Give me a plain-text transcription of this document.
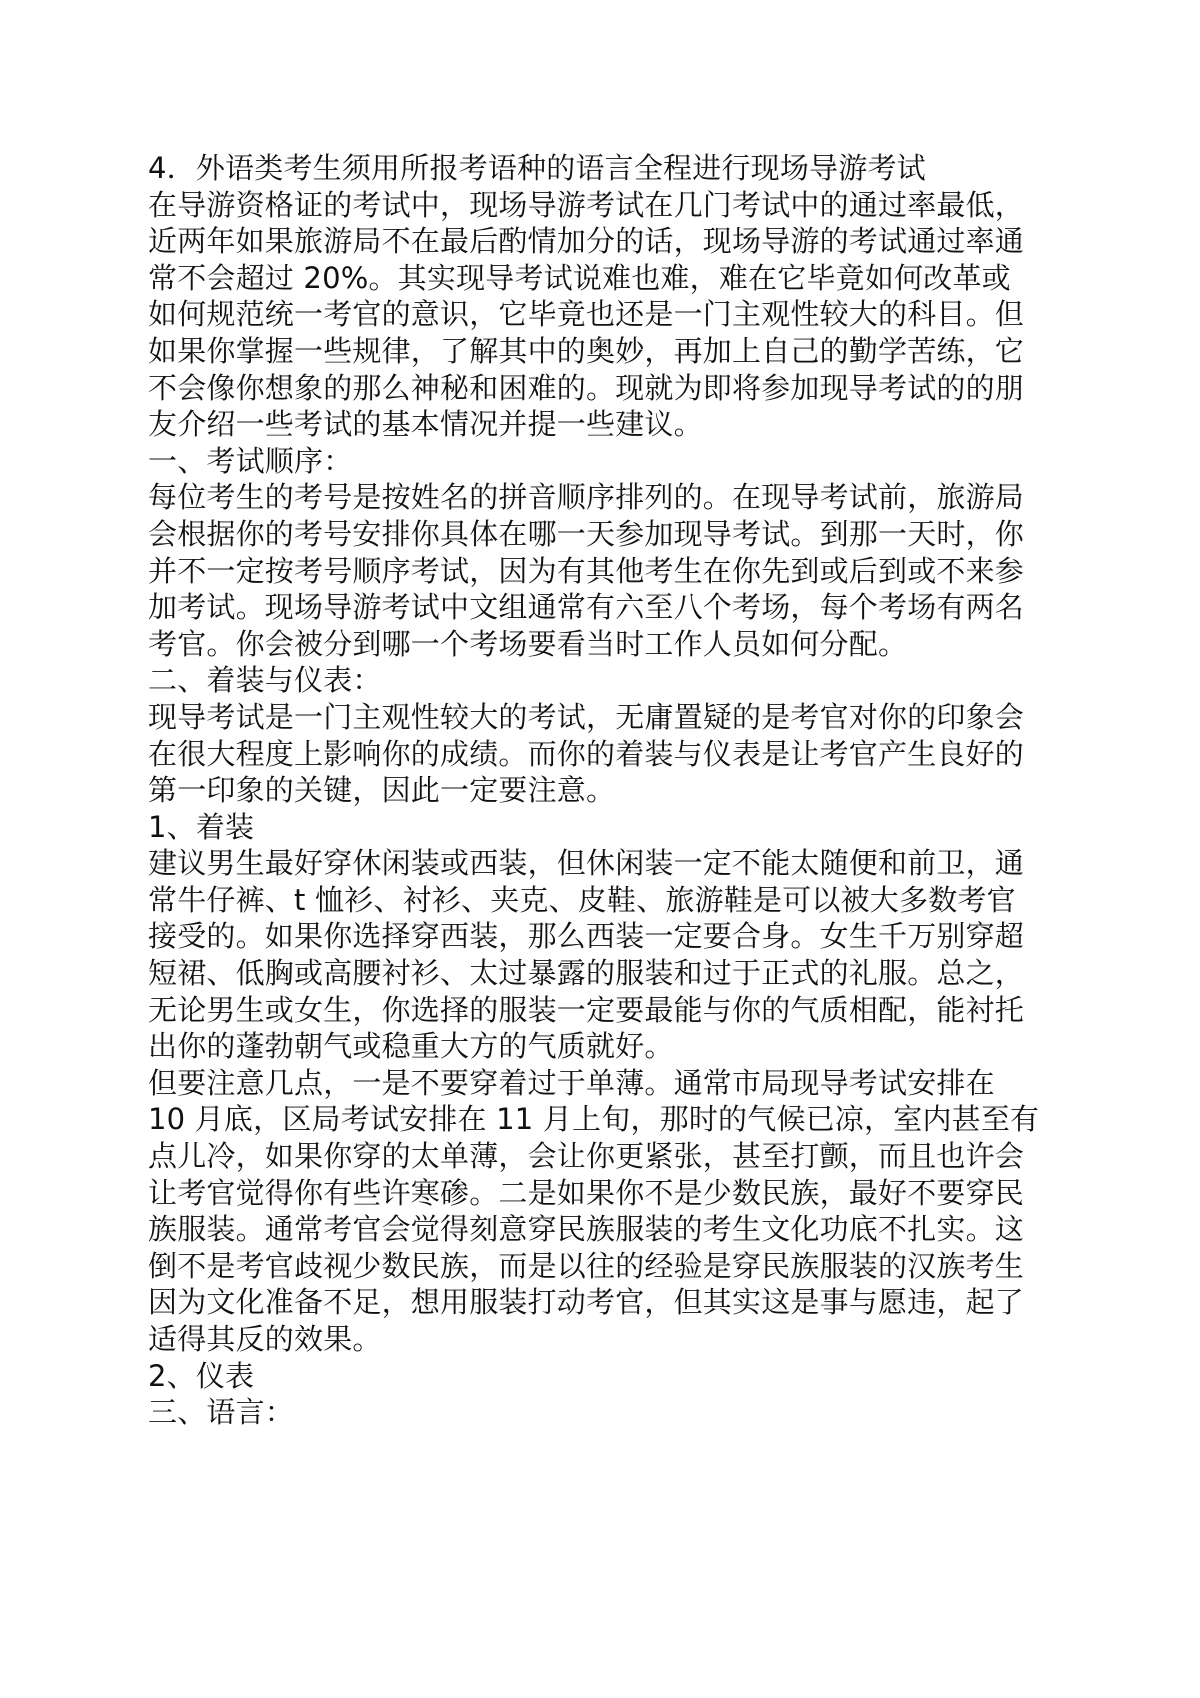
4．外语类考生须用所报考语种的语言全程进行现场导游考试
在导游资格证的考试中，现场导游考试在几门考试中的通过率最低，
近两年如果旅游局不在最后酌情加分的话，现场导游的考试通过率通
常不会超过 20%。其实现导考试说难也难，难在它毕竟如何改革或
如何规范统一考官的意识，它毕竟也还是一门主观性较大的科目。但
如果你掌握一些规律，了解其中的奥妙，再加上自己的勤学苦练，它
不会像你想象的那么神秘和困难的。现就为即将参加现导考试的的朋
友介绍一些考试的基本情况并提一些建议。
一、考试顺序：
每位考生的考号是按姓名的拼音顺序排列的。在现导考试前，旅游局
会根据你的考号安排你具体在哪一天参加现导考试。到那一天时，你
并不一定按考号顺序考试，因为有其他考生在你先到或后到或不来参
加考试。现场导游考试中文组通常有六至八个考场，每个考场有两名
考官。你会被分到哪一个考场要看当时工作人员如何分配。
二、着装与仪表：
现导考试是一门主观性较大的考试，无庸置疑的是考官对你的印象会
在很大程度上影响你的成绩。而你的着装与仪表是让考官产生良好的
第一印象的关键，因此一定要注意。
1、着装
建议男生最好穿休闲装或西装，但休闲装一定不能太随便和前卫，通
常牛仔裤、t 恤衫、衬衫、夹克、皮鞋、旅游鞋是可以被大多数考官
接受的。如果你选择穿西装，那么西装一定要合身。女生千万别穿超
短裙、低胸或高腰衬衫、太过暴露的服装和过于正式的礼服。总之，
无论男生或女生，你选择的服装一定要最能与你的气质相配，能衬托
出你的蓬勃朝气或稳重大方的气质就好。
但要注意几点，一是不要穿着过于单薄。通常市局现导考试安排在
10 月底，区局考试安排在 11 月上旬，那时的气候已凉，室内甚至有
点儿冷，如果你穿的太单薄，会让你更紧张，甚至打颤，而且也许会
让考官觉得你有些许寒碜。二是如果你不是少数民族，最好不要穿民
族服装。通常考官会觉得刻意穿民族服装的考生文化功底不扎实。这
倒不是考官歧视少数民族，而是以往的经验是穿民族服装的汉族考生
因为文化准备不足，想用服装打动考官，但其实这是事与愿违，起了
适得其反的效果。
2、仪表
三、语言：
